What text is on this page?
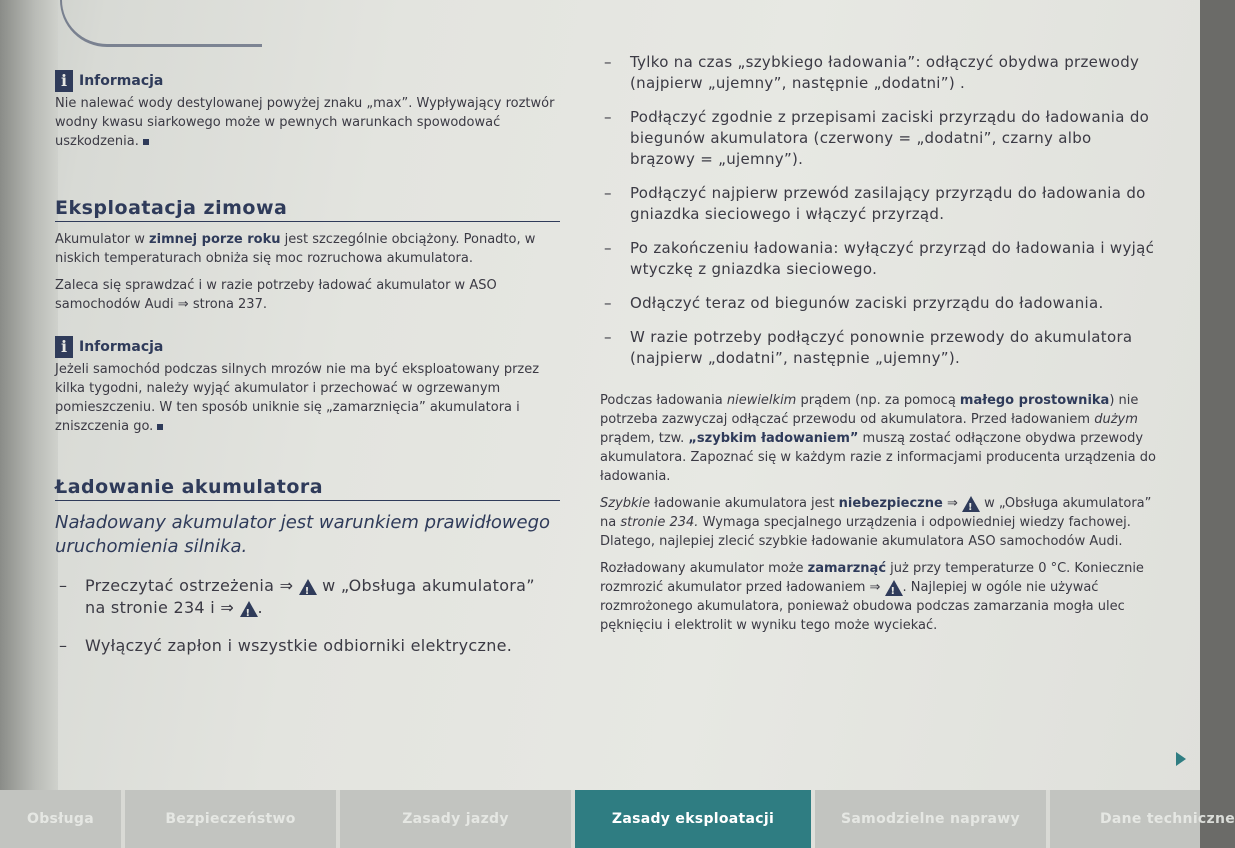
i Informacja

Nie nalewać wody destylowanej powyżej znaku „max”. Wypływający roztwór wodny kwasu siarkowego może w pewnych warunkach spowodować uszkodzenia.

Eksploatacja zimowa

Akumulator w zimnej porze roku jest szczególnie obciążony. Ponadto, w niskich temperaturach obniża się moc rozruchowa akumulatora.

Zaleca się sprawdzać i w razie potrzeby ładować akumulator w ASO samochodów Audi ⇒ strona 237.

i Informacja

Jeżeli samochód podczas silnych mrozów nie ma być eksploatowany przez kilka tygodni, należy wyjąć akumulator i przechować w ogrzewanym pomieszczeniu. W ten sposób uniknie się „zamarznięcia” akumulatora i zniszczenia go.

Ładowanie akumulatora
Naładowany akumulator jest warunkiem prawidłowego uruchomienia silnika.
– Przeczytać ostrzeżenia ⇒ ! w „Obsługa akumulatora” na stronie 234 i ⇒ !.
– Wyłączyć zapłon i wszystkie odbiorniki elektryczne.
– Tylko na czas „szybkiego ładowania”: odłączyć obydwa przewody (najpierw „ujemny”, następnie „dodatni”) .
– Podłączyć zgodnie z przepisami zaciski przyrządu do ładowania do biegunów akumulatora (czerwony = „dodatni”, czarny albo brązowy = „ujemny”).
– Podłączyć najpierw przewód zasilający przyrządu do ładowania do gniazdka sieciowego i włączyć przyrząd.
– Po zakończeniu ładowania: wyłączyć przyrząd do ładowania i wyjąć wtyczkę z gniazdka sieciowego.
– Odłączyć teraz od biegunów zaciski przyrządu do ładowania.
– W razie potrzeby podłączyć ponownie przewody do akumulatora (najpierw „dodatni”, następnie „ujemny”).

Podczas ładowania niewielkim prądem (np. za pomocą małego prostownika) nie potrzeba zazwyczaj odłączać przewodu od akumulatora. Przed ładowaniem dużym prądem, tzw. „szybkim ładowaniem” muszą zostać odłączone obydwa przewody akumulatora. Zapoznać się w każdym razie z informacjami producenta urządzenia do ładowania.

Szybkie ładowanie akumulatora jest niebezpieczne ⇒ ! w „Obsługa akumulatora” na stronie 234. Wymaga specjalnego urządzenia i odpowiedniej wiedzy fachowej. Dlatego, najlepiej zlecić szybkie ładowanie akumulatora ASO samochodów Audi.

Rozładowany akumulator może zamarznąć już przy temperaturze 0 °C. Koniecznie rozmrozić akumulator przed ładowaniem ⇒ !. Najlepiej w ogóle nie używać rozmrożonego akumulatora, ponieważ obudowa podczas zamarzania mogła ulec pęknięciu i elektrolit w wyniku tego może wyciekać.

Obsługa	Bezpieczeństwo	Zasady jazdy	Zasady eksploatacji	Samodzielne naprawy	Dane techniczne
